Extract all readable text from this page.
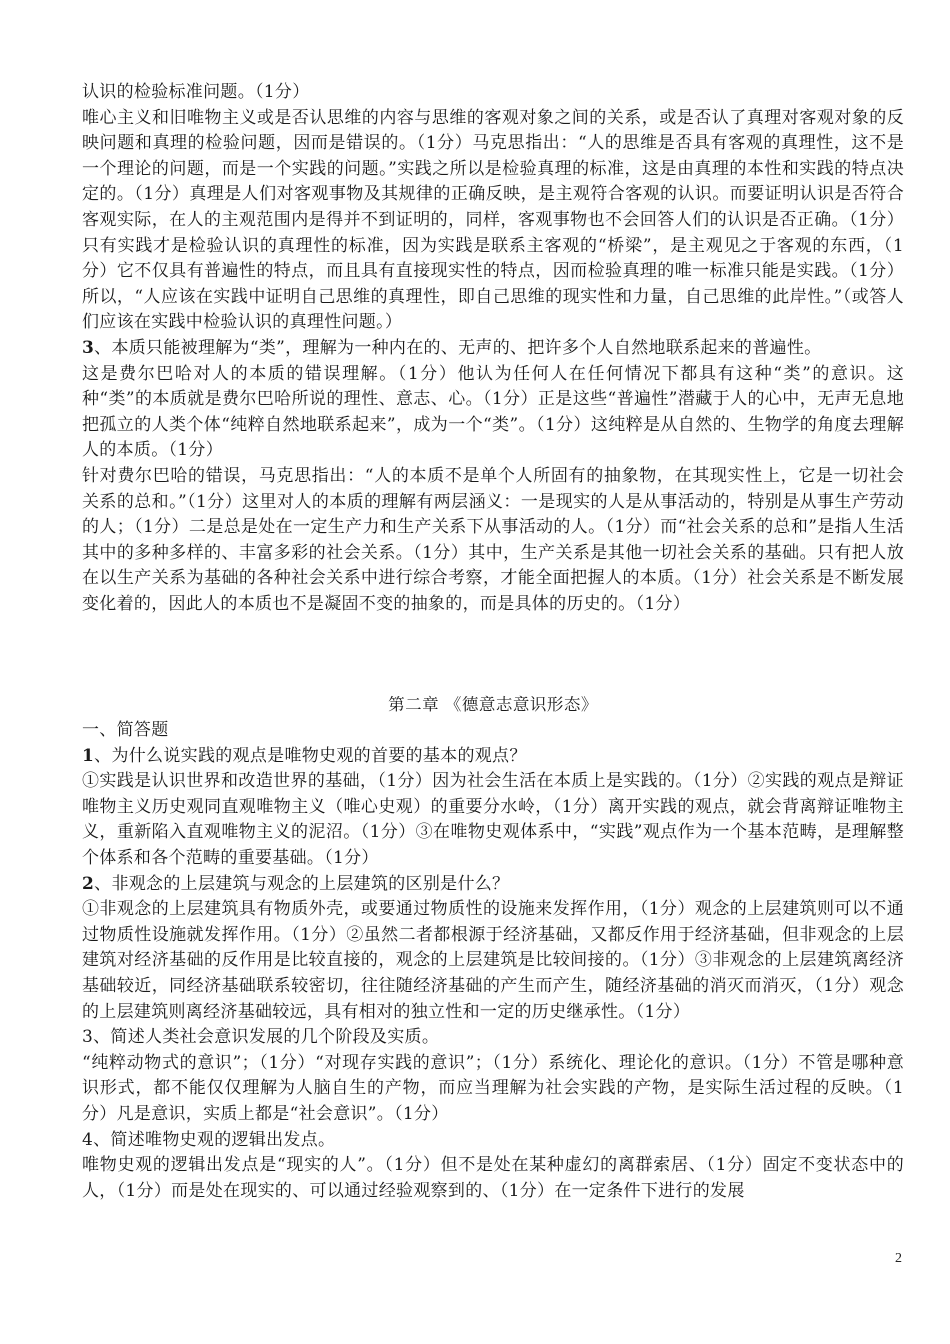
认识的检验标准问题。（1分）

唯心主义和旧唯物主义或是否认思维的内容与思维的客观对象之间的关系，或是否认了真理对客观对象的反映问题和真理的检验问题，因而是错误的。（1分）马克思指出：“人的思维是否具有客观的真理性，这不是一个理论的问题，而是一个实践的问题。”实践之所以是检验真理的标准，这是由真理的本性和实践的特点决定的。（1分）真理是人们对客观事物及其规律的正确反映，是主观符合客观的认识。而要证明认识是否符合客观实际，在人的主观范围内是得并不到证明的，同样，客观事物也不会回答人们的认识是否正确。（1分）只有实践才是检验认识的真理性的标准，因为实践是联系主客观的“桥梁”，是主观见之于客观的东西，（1分）它不仅具有普遍性的特点，而且具有直接现实性的特点，因而检验真理的唯一标准只能是实践。（1分）所以，“人应该在实践中证明自己思维的真理性，即自己思维的现实性和力量，自己思维的此岸性。”（或答人们应该在实践中检验认识的真理性问题。）

3、本质只能被理解为“类”，理解为一种内在的、无声的、把许多个人自然地联系起来的普遍性。

这是费尔巴哈对人的本质的错误理解。（1分）他认为任何人在任何情况下都具有这种“类”的意识。这种“类”的本质就是费尔巴哈所说的理性、意志、心。（1分）正是这些“普遍性”潜藏于人的心中，无声无息地把孤立的人类个体“纯粹自然地联系起来”，成为一个“类”。（1分）这纯粹是从自然的、生物学的角度去理解人的本质。（1分）

针对费尔巴哈的错误，马克思指出：“人的本质不是单个人所固有的抽象物，在其现实性上，它是一切社会关系的总和。”（1分）这里对人的本质的理解有两层涵义：一是现实的人是从事活动的，特别是从事生产劳动的人；（1分）二是总是处在一定生产力和生产关系下从事活动的人。（1分）而“社会关系的总和”是指人生活其中的多种多样的、丰富多彩的社会关系。（1分）其中，生产关系是其他一切社会关系的基础。只有把人放在以生产关系为基础的各种社会关系中进行综合考察，才能全面把握人的本质。（1分）社会关系是不断发展变化着的，因此人的本质也不是凝固不变的抽象的，而是具体的历史的。（1分）

第二章 《德意志意识形态》

一、简答题

1、为什么说实践的观点是唯物史观的首要的基本的观点？

①实践是认识世界和改造世界的基础，（1分）因为社会生活在本质上是实践的。（1分）②实践的观点是辩证唯物主义历史观同直观唯物主义（唯心史观）的重要分水岭，（1分）离开实践的观点，就会背离辩证唯物主义，重新陷入直观唯物主义的泥沼。（1分）③在唯物史观体系中，“实践”观点作为一个基本范畴，是理解整个体系和各个范畴的重要基础。（1分）

2、非观念的上层建筑与观念的上层建筑的区别是什么？

①非观念的上层建筑具有物质外壳，或要通过物质性的设施来发挥作用，（1分）观念的上层建筑则可以不通过物质性设施就发挥作用。（1分）②虽然二者都根源于经济基础，又都反作用于经济基础，但非观念的上层建筑对经济基础的反作用是比较直接的，观念的上层建筑是比较间接的。（1分）③非观念的上层建筑离经济基础较近，同经济基础联系较密切，往往随经济基础的产生而产生，随经济基础的消灭而消灭，（1分）观念的上层建筑则离经济基础较远，具有相对的独立性和一定的历史继承性。（1分）

3、简述人类社会意识发展的几个阶段及实质。

“纯粹动物式的意识”；（1分）“对现存实践的意识”；（1分）系统化、理论化的意识。（1分）不管是哪种意识形式，都不能仅仅理解为人脑自生的产物，而应当理解为社会实践的产物，是实际生活过程的反映。（1分）凡是意识，实质上都是“社会意识”。（1分）

4、简述唯物史观的逻辑出发点。

唯物史观的逻辑出发点是“现实的人”。（1分）但不是处在某种虚幻的离群索居、（1分）固定不变状态中的人，（1分）而是处在现实的、可以通过经验观察到的、（1分）在一定条件下进行的发展

2
